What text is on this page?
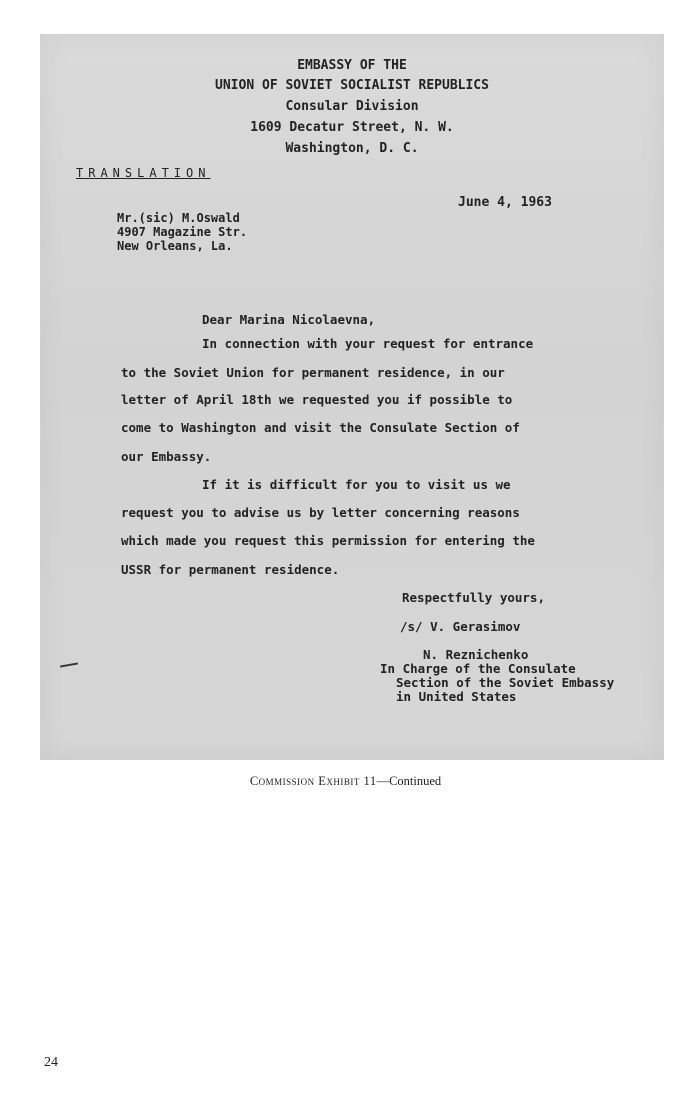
EMBASSY OF THE

UNION OF SOVIET SOCIALIST REPUBLICS

Consular Division

1609 Decatur Street, N. W.

Washington, D. C.

TRANSLATION

June 4, 1963

Mr.(sic) M.Oswald

4907 Magazine Str.

New Orleans, La.

Dear Marina Nicolaevna,

In connection with your request for entrance

to the Soviet Union for permanent residence, in our

letter of April 18th we requested you if possible to

come to Washington and visit the Consulate Section of

our Embassy.

If it is difficult for you to visit us we

request you to advise us by letter concerning reasons

which made you request this permission for entering the

USSR for permanent residence.

Respectfully yours,

/s/ V. Gerasimov

N. Reznichenko

In Charge of the Consulate

Section of the Soviet Embassy

in United States

Commission Exhibit 11—Continued

24
